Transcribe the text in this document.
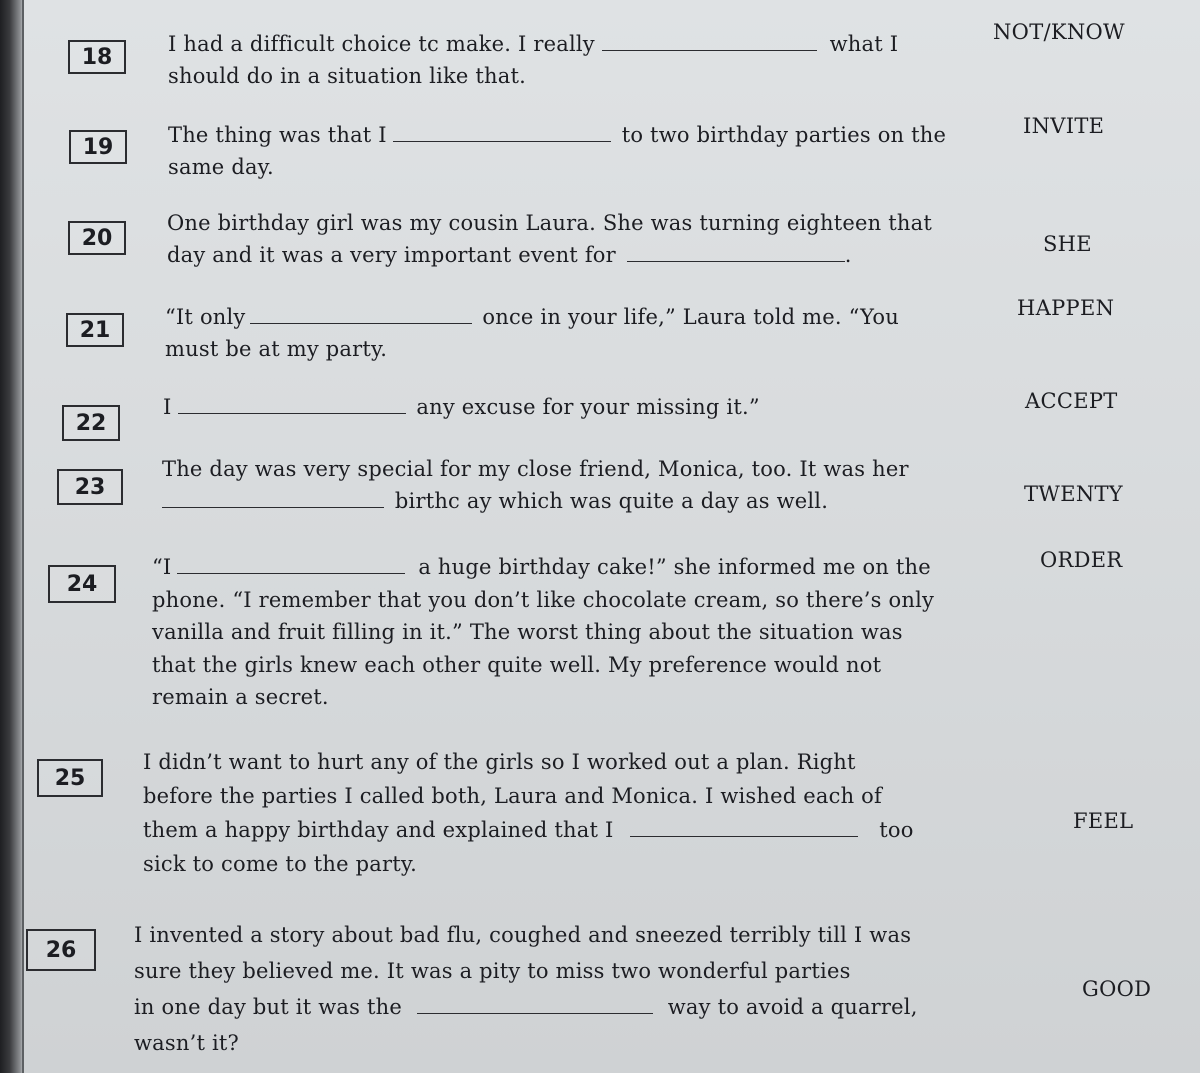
18
I had a difficult choice tc make. I really	what I
should do in a situation like that.
NOT/KNOW
19	The thing was that I	to two birthday parties on the
same day.
INVITE
20
One birthday girl was my cousin Laura. She was turning eighteen that
day and it was a very important event for	.	SHE
21
“It only	once in your life,” Laura told me. “You
must be at my party.
HAPPEN
22
I	any excuse for your missing it.”	ACCEPT
23
The day was very special for my close friend, Monica, too. It was her
birthc ay which was quite a day as well.	TWENTY
24
“I	a huge birthday cake!” she informed me on the
phone. “I remember that you don’t like chocolate cream, so there’s only
vanilla and fruit filling in it.” The worst thing about the situation was
that the girls knew each other quite well. My preference would not
remain a secret.
ORDER
25
I didn’t want to hurt any of the girls so I worked out a plan. Right
before the parties I called both, Laura and Monica. I wished each of
them a happy birthday and explained that I	too
sick to come to the party.
FEEL
26
I invented a story about bad flu, coughed and sneezed terribly till I was
sure they believed me. It was a pity to miss two wonderful parties
in one day but it was the	way to avoid a quarrel,
wasn’t it?
GOOD
